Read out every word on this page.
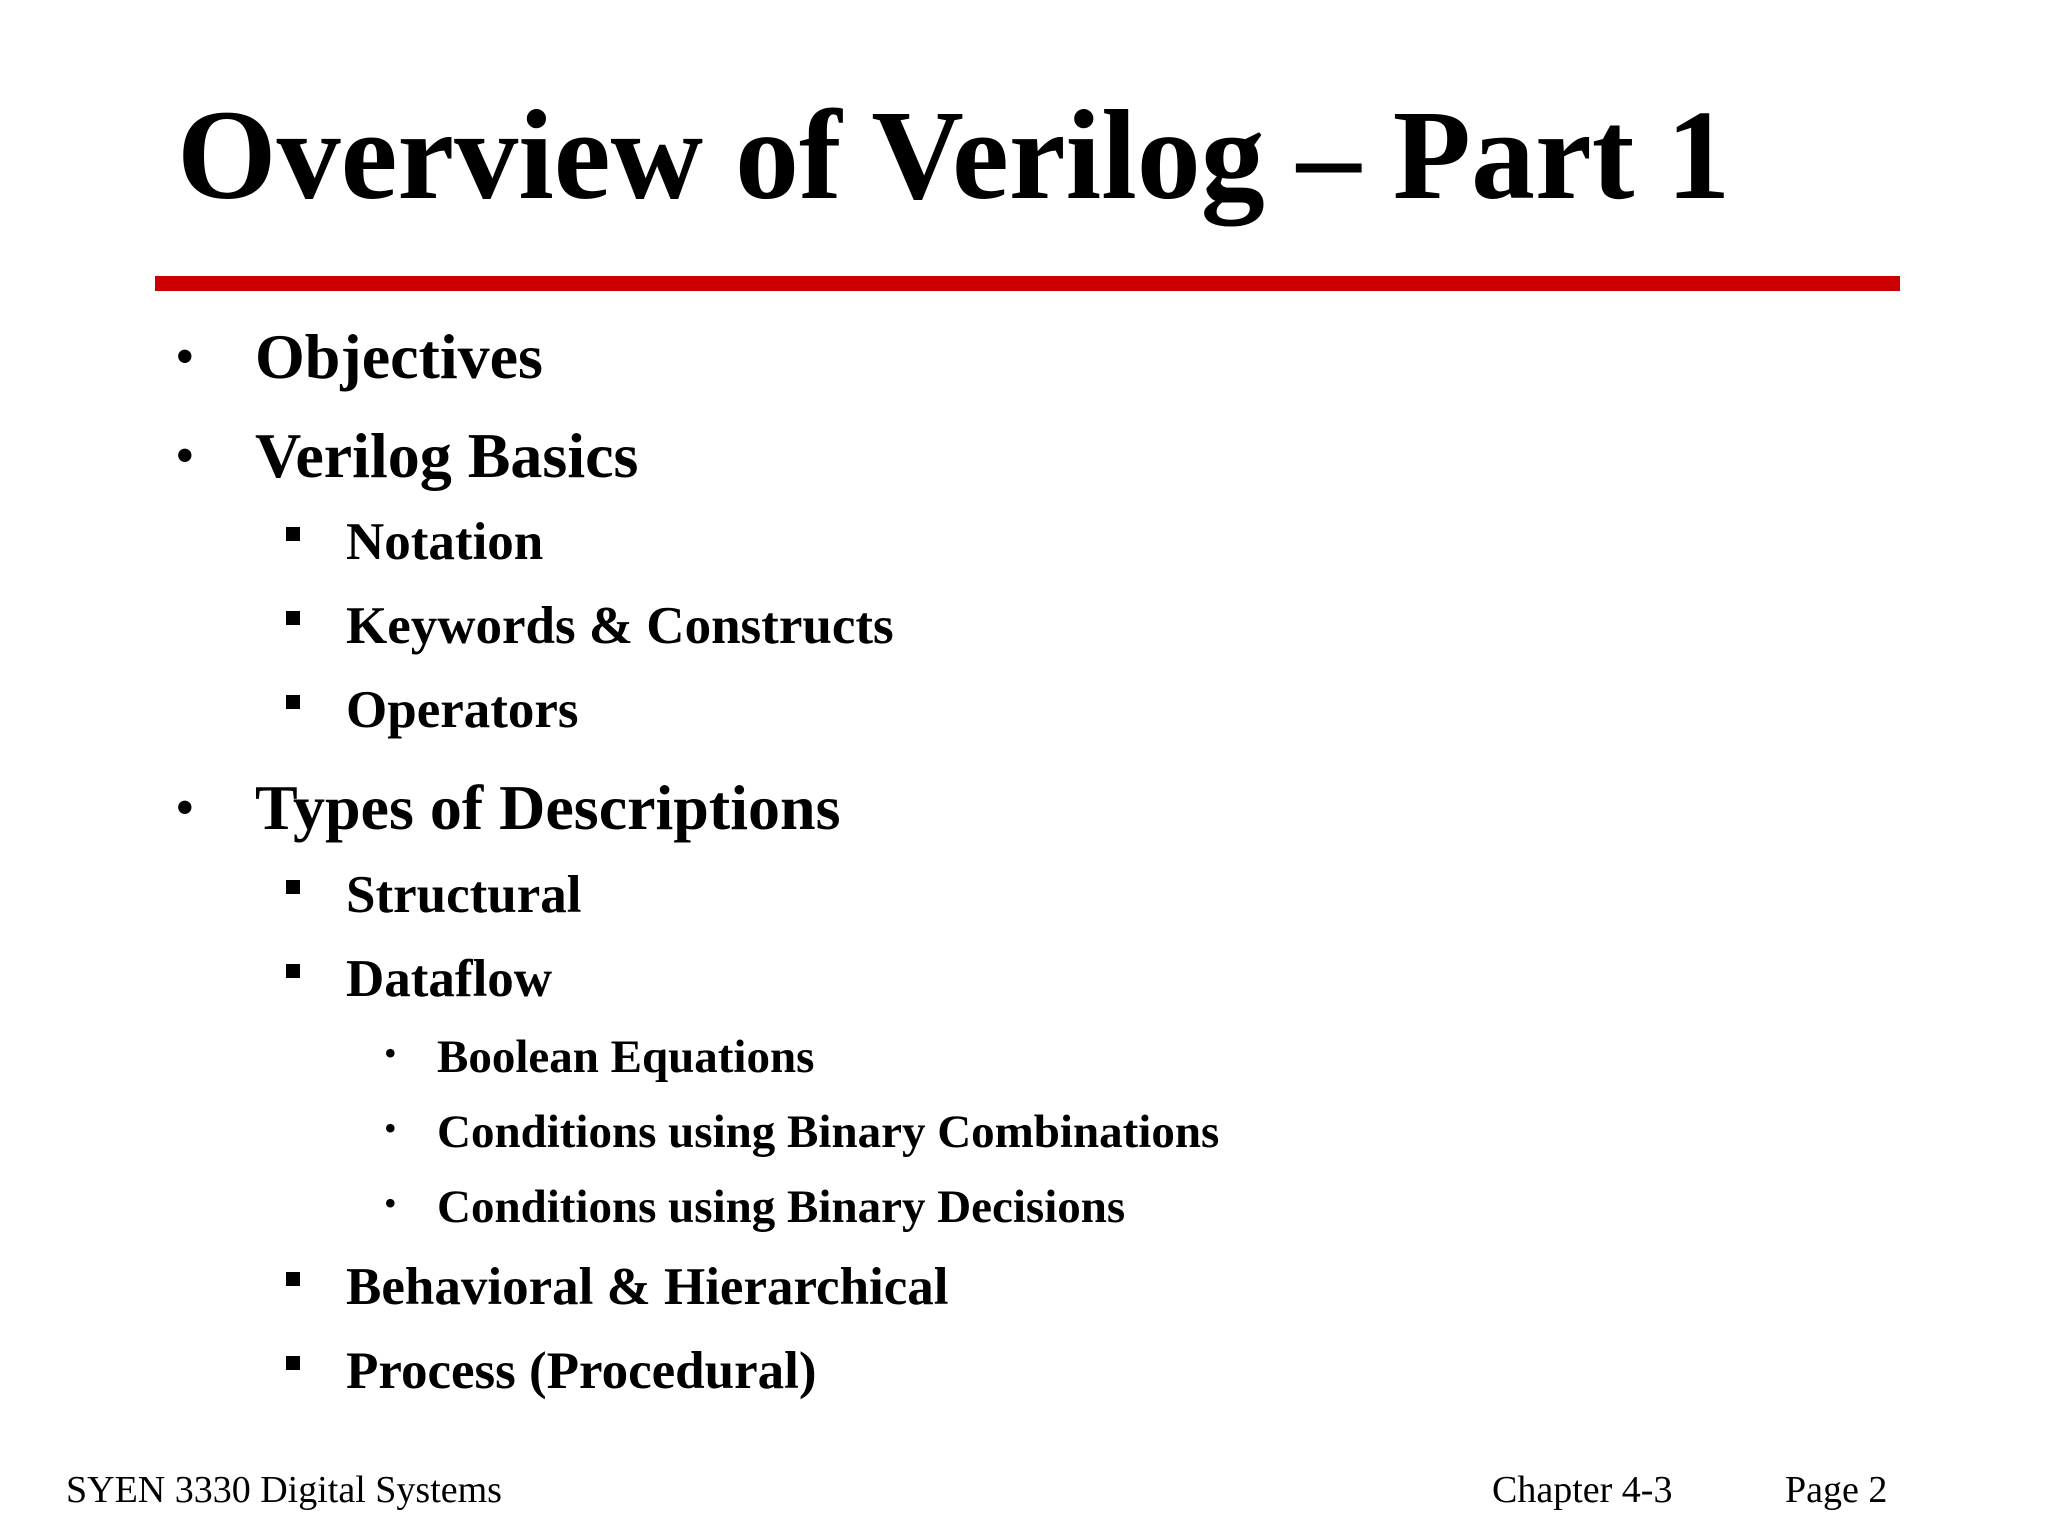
Overview of Verilog – Part 1
• Objectives
• Verilog Basics
Notation
Keywords & Constructs
Operators
• Types of Descriptions
Structural
Dataflow
• Boolean Equations
• Conditions using Binary Combinations
• Conditions using Binary Decisions
Behavioral & Hierarchical
Process (Procedural)
SYEN 3330 Digital Systems	Chapter 4-3	Page 2
